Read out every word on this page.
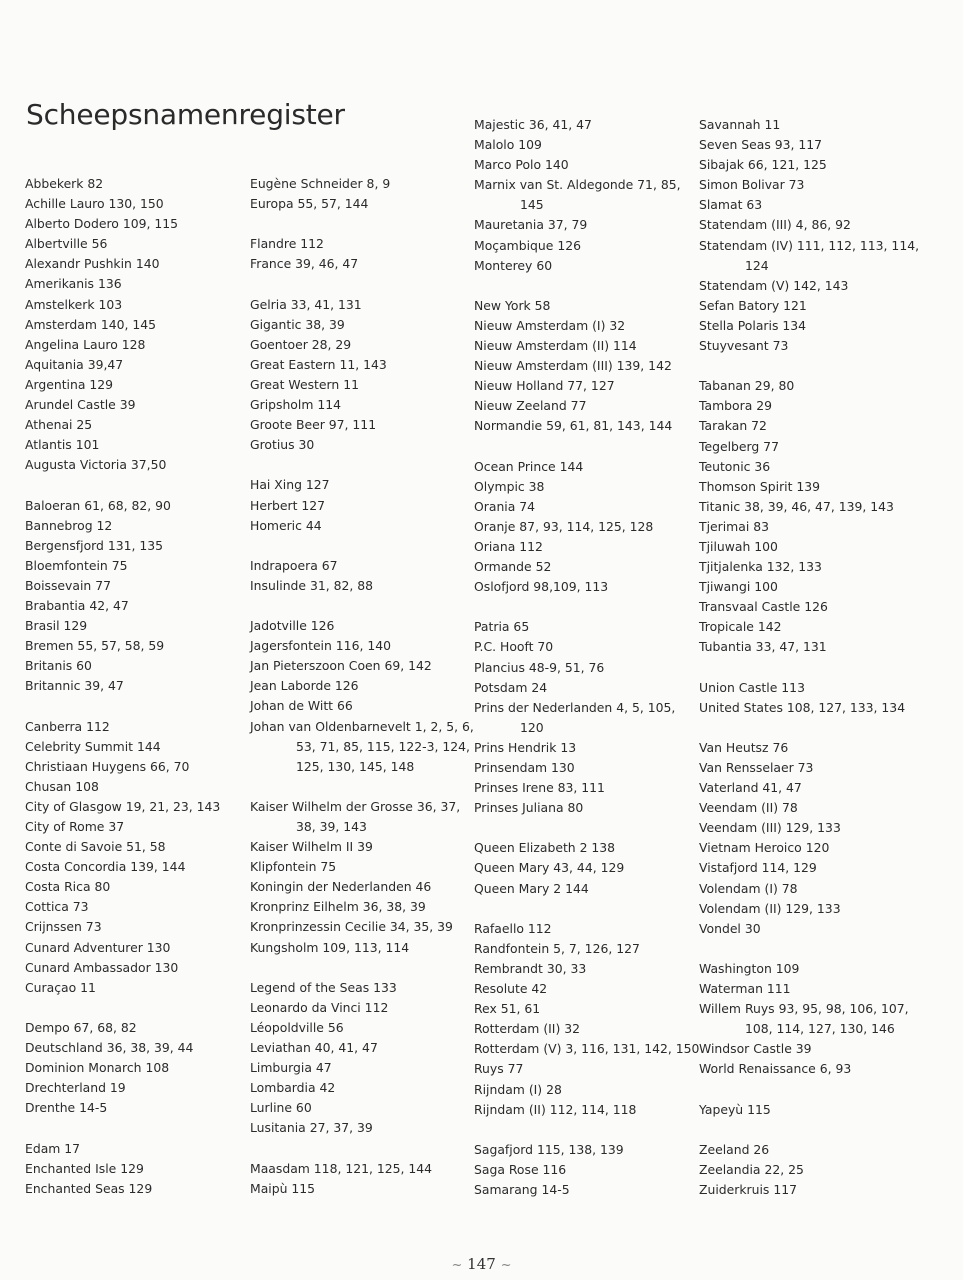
Scheepsnamenregister
Abbekerk 82
Achille Lauro 130, 150
Alberto Dodero 109, 115
Albertville 56
Alexandr Pushkin 140
Amerikanis 136
Amstelkerk 103
Amsterdam 140, 145
Angelina Lauro 128
Aquitania 39,47
Argentina 129
Arundel Castle 39
Athenai 25
Atlantis 101
Augusta Victoria 37,50
Baloeran 61, 68, 82, 90
Bannebrog 12
Bergensfjord 131, 135
Bloemfontein 75
Boissevain 77
Brabantia 42, 47
Brasil 129
Bremen 55, 57, 58, 59
Britanis 60
Britannic 39, 47
Canberra 112
Celebrity Summit 144
Christiaan Huygens 66, 70
Chusan 108
City of Glasgow 19, 21, 23, 143
City of Rome 37
Conte di Savoie 51, 58
Costa Concordia 139, 144
Costa Rica 80
Cottica 73
Crijnssen 73
Cunard Adventurer 130
Cunard Ambassador 130
Curaçao 11
Dempo 67, 68, 82
Deutschland 36, 38, 39, 44
Dominion Monarch 108
Drechterland 19
Drenthe 14-5
Edam 17
Enchanted Isle 129
Enchanted Seas 129
Eugène Schneider 8, 9
Europa 55, 57, 144
Flandre 112
France 39, 46, 47
Gelria 33, 41, 131
Gigantic 38, 39
Goentoer 28, 29
Great Eastern 11, 143
Great Western 11
Gripsholm 114
Groote Beer 97, 111
Grotius 30
Hai Xing 127
Herbert 127
Homeric 44
Indrapoera 67
Insulinde 31, 82, 88
Jadotville 126
Jagersfontein 116, 140
Jan Pieterszoon Coen 69, 142
Jean Laborde 126
Johan de Witt 66
Johan van Oldenbarnevelt 1, 2, 5, 6,
53, 71, 85, 115, 122-3, 124,
125, 130, 145, 148
Kaiser Wilhelm der Grosse 36, 37,
38, 39, 143
Kaiser Wilhelm II 39
Klipfontein 75
Koningin der Nederlanden 46
Kronprinz Eilhelm 36, 38, 39
Kronprinzessin Cecilie 34, 35, 39
Kungsholm 109, 113, 114
Legend of the Seas 133
Leonardo da Vinci 112
Léopoldville 56
Leviathan 40, 41, 47
Limburgia 47
Lombardia 42
Lurline 60
Lusitania 27, 37, 39
Maasdam 118, 121, 125, 144
Maipù 115
Majestic 36, 41, 47
Malolo 109
Marco Polo 140
Marnix van St. Aldegonde 71, 85,
145
Mauretania 37, 79
Moçambique 126
Monterey 60
New York 58
Nieuw Amsterdam (I) 32
Nieuw Amsterdam (II) 114
Nieuw Amsterdam (III) 139, 142
Nieuw Holland 77, 127
Nieuw Zeeland 77
Normandie 59, 61, 81, 143, 144
Ocean Prince 144
Olympic 38
Orania 74
Oranje 87, 93, 114, 125, 128
Oriana 112
Ormande 52
Oslofjord 98,109, 113
Patria 65
P.C. Hooft 70
Plancius 48-9, 51, 76
Potsdam 24
Prins der Nederlanden 4, 5, 105,
120
Prins Hendrik 13
Prinsendam 130
Prinses Irene 83, 111
Prinses Juliana 80
Queen Elizabeth 2 138
Queen Mary 43, 44, 129
Queen Mary 2 144
Rafaello 112
Randfontein 5, 7, 126, 127
Rembrandt 30, 33
Resolute 42
Rex 51, 61
Rotterdam (II) 32
Rotterdam (V) 3, 116, 131, 142, 150
Ruys 77
Rijndam (I) 28
Rijndam (II) 112, 114, 118
Sagafjord 115, 138, 139
Saga Rose 116
Samarang 14-5
Savannah 11
Seven Seas 93, 117
Sibajak 66, 121, 125
Simon Bolivar 73
Slamat 63
Statendam (III) 4, 86, 92
Statendam (IV) 111, 112, 113, 114,
124
Statendam (V) 142, 143
Sefan Batory 121
Stella Polaris 134
Stuyvesant 73
Tabanan 29, 80
Tambora 29
Tarakan 72
Tegelberg 77
Teutonic 36
Thomson Spirit 139
Titanic 38, 39, 46, 47, 139, 143
Tjerimai 83
Tjiluwah 100
Tjitjalenka 132, 133
Tjiwangi 100
Transvaal Castle 126
Tropicale 142
Tubantia 33, 47, 131
Union Castle 113
United States 108, 127, 133, 134
Van Heutsz 76
Van Rensselaer 73
Vaterland 41, 47
Veendam (II) 78
Veendam (III) 129, 133
Vietnam Heroico 120
Vistafjord 114, 129
Volendam (I) 78
Volendam (II) 129, 133
Vondel 30
Washington 109
Waterman 111
Willem Ruys 93, 95, 98, 106, 107,
108, 114, 127, 130, 146
Windsor Castle 39
World Renaissance 6, 93
Yapeyù 115
Zeeland 26
Zeelandia 22, 25
Zuiderkruis 117
~ 147 ~
